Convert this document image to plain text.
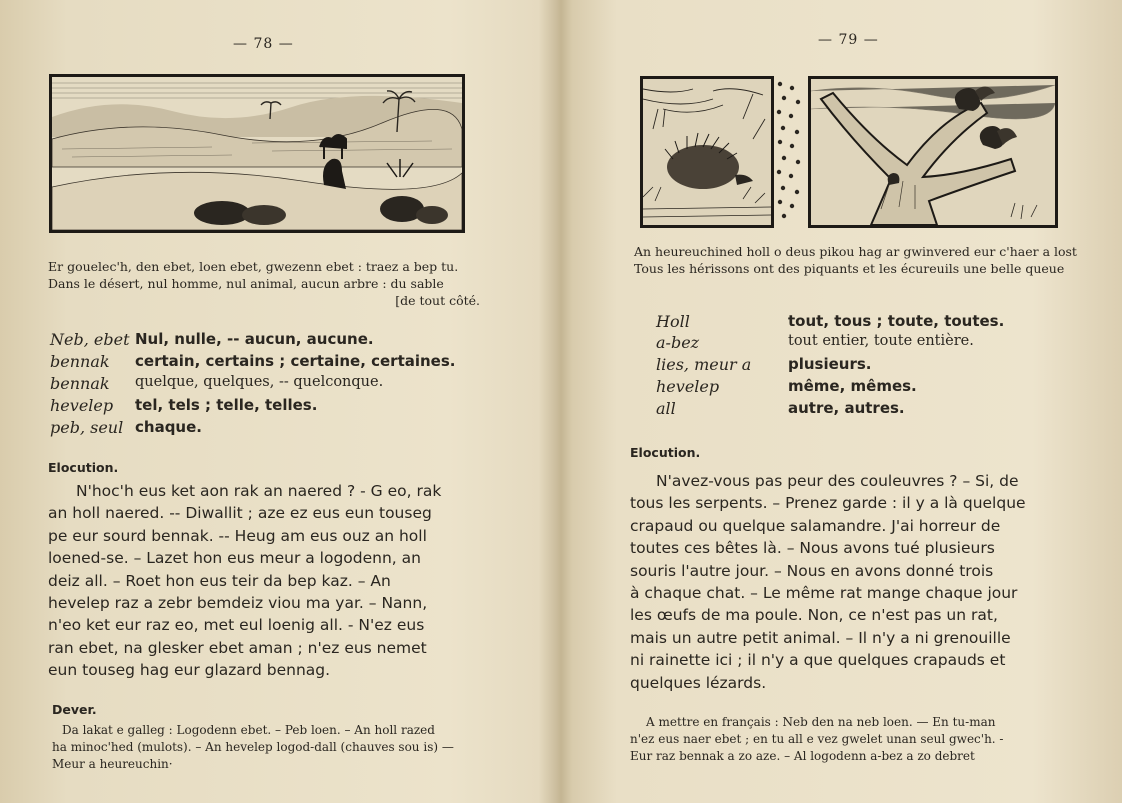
— 78 —
Er gouelec'h, den ebet, loen ebet, gwezenn ebet : traez a bep tu.
Dans le désert, nul homme, nul animal, aucun arbre : du sable
[de tout côté.
Neb, ebet Nul, nulle, -- aucun, aucune.
bennak certain, certains ; certaine, certaines.
bennak quelque, quelques, -- quelconque.
hevelep tel, tels ; telle, telles.
peb, seul chaque.
Elocution.
N'hoc'h eus ket aon rak an naered ? - G eo, rak
an holl naered. -- Diwallit ; aze ez eus eun touseg
pe eur sourd bennak. -- Heug am eus ouz an holl
loened-se. – Lazet hon eus meur a logodenn, an
deiz all. – Roet hon eus teir da bep kaz. – An
hevelep raz a zebr bemdeiz viou ma yar. – Nann,
n'eo ket eur raz eo, met eul loenig all. - N'ez eus
ran ebet, na glesker ebet aman ; n'ez eus nemet
eun touseg hag eur glazard bennag.
Dever.
Da lakat e galleg : Logodenn ebet. – Peb loen. – An holl razed
ha minoc'hed (mulots). – An hevelep logod-dall (chauves sou is) —
Meur a heureuchin·
— 79 —
An heureuchined holl o deus pikou hag ar gwinvered eur c'haer a lost
Tous les hérissons ont des piquants et les écureuils une belle queue
Holl	tout, tous ; toute, toutes.
a-bez	tout entier, toute entière.
lies, meur a plusieurs.
hevelep	même, mêmes.
all	autre, autres.
Elocution.
N'avez-vous pas peur des couleuvres ? – Si, de
tous les serpents. – Prenez garde : il y a là quelque
crapaud ou quelque salamandre. J'ai horreur de
toutes ces bêtes là. – Nous avons tué plusieurs
souris l'autre jour. – Nous en avons donné trois
à chaque chat. – Le même rat mange chaque jour
les œufs de ma poule. Non, ce n'est pas un rat,
mais un autre petit animal. – Il n'y a ni grenouille
ni rainette ici ; il n'y a que quelques crapauds et
quelques lézards.
A mettre en français : Neb den na neb loen. — En tu-man
n'ez eus naer ebet ; en tu all e vez gwelet unan seul gwec'h. -
Eur raz bennak a zo aze. – Al logodenn a-bez a zo debret
